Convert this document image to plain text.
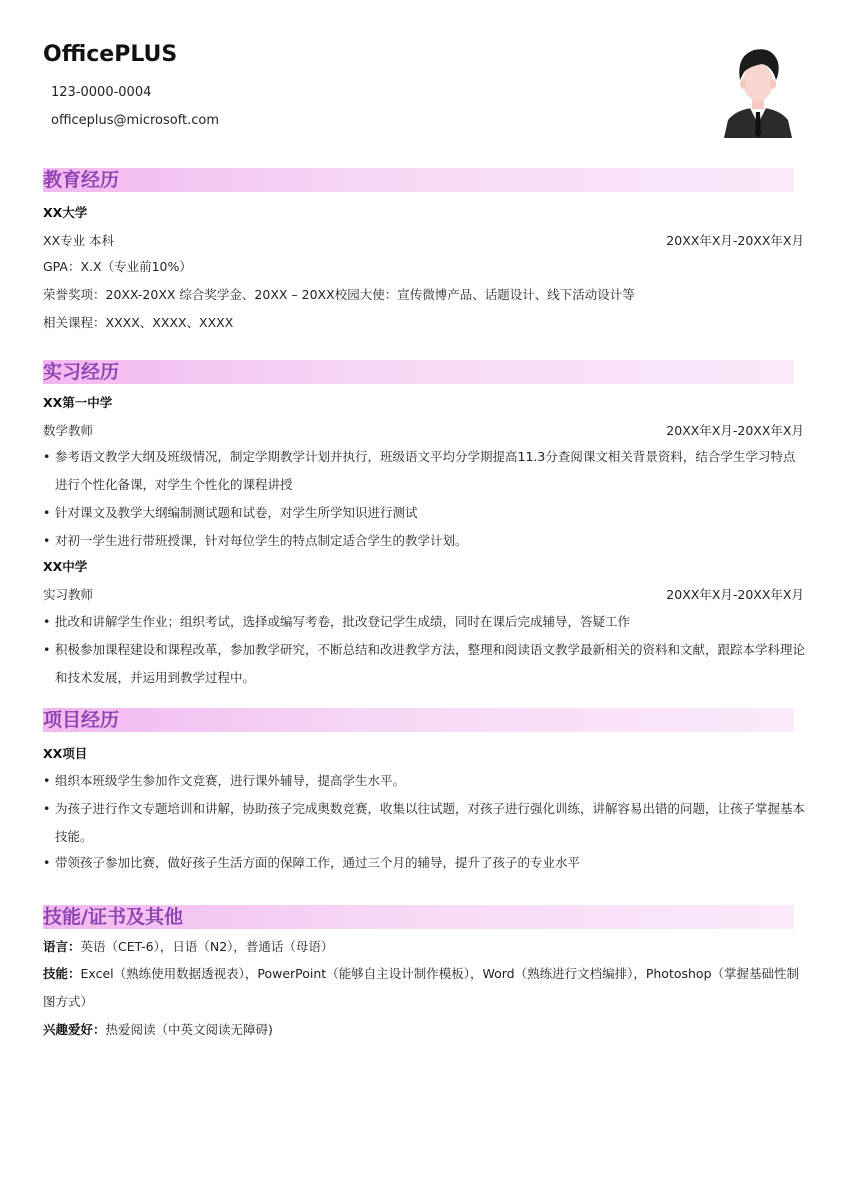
OfficePLUS
123-0000-0004
officeplus@microsoft.com
教育经历
XX大学
XX专业 本科	20XX年X月-20XX年X月
GPA：X.X（专业前10%）
荣誉奖项：20XX-20XX 综合奖学金、20XX – 20XX校园大使：宣传微博产品、话题设计、线下活动设计等
相关课程：XXXX、XXXX、XXXX
实习经历
XX第一中学
数学教师	20XX年X月-20XX年X月
• 参考语文教学大纲及班级情况，制定学期教学计划并执行，班级语文平均分学期提高11.3分查阅课文相关背景资料，结合学生学习特点进行个性化备课，对学生个性化的课程讲授
• 针对课文及教学大纲编制测试题和试卷，对学生所学知识进行测试
• 对初一学生进行带班授课，针对每位学生的特点制定适合学生的教学计划。
XX中学
实习教师	20XX年X月-20XX年X月
• 批改和讲解学生作业；组织考试，选择或编写考卷，批改登记学生成绩，同时在课后完成辅导，答疑工作
• 积极参加课程建设和课程改革，参加教学研究，不断总结和改进教学方法，整理和阅读语文教学最新相关的资料和文献，跟踪本学科理论和技术发展，并运用到教学过程中。
项目经历
XX项目
• 组织本班级学生参加作文竞赛，进行课外辅导，提高学生水平。
• 为孩子进行作文专题培训和讲解，协助孩子完成奥数竞赛，收集以往试题，对孩子进行强化训练，讲解容易出错的问题，让孩子掌握基本技能。
• 带领孩子参加比赛，做好孩子生活方面的保障工作，通过三个月的辅导，提升了孩子的专业水平
技能/证书及其他
语言：英语（CET-6），日语（N2），普通话（母语）
技能：Excel（熟练使用数据透视表），PowerPoint（能够自主设计制作模板），Word（熟练进行文档编排），Photoshop（掌握基础性制图方式）
兴趣爱好：热爱阅读（中英文阅读无障碍)
